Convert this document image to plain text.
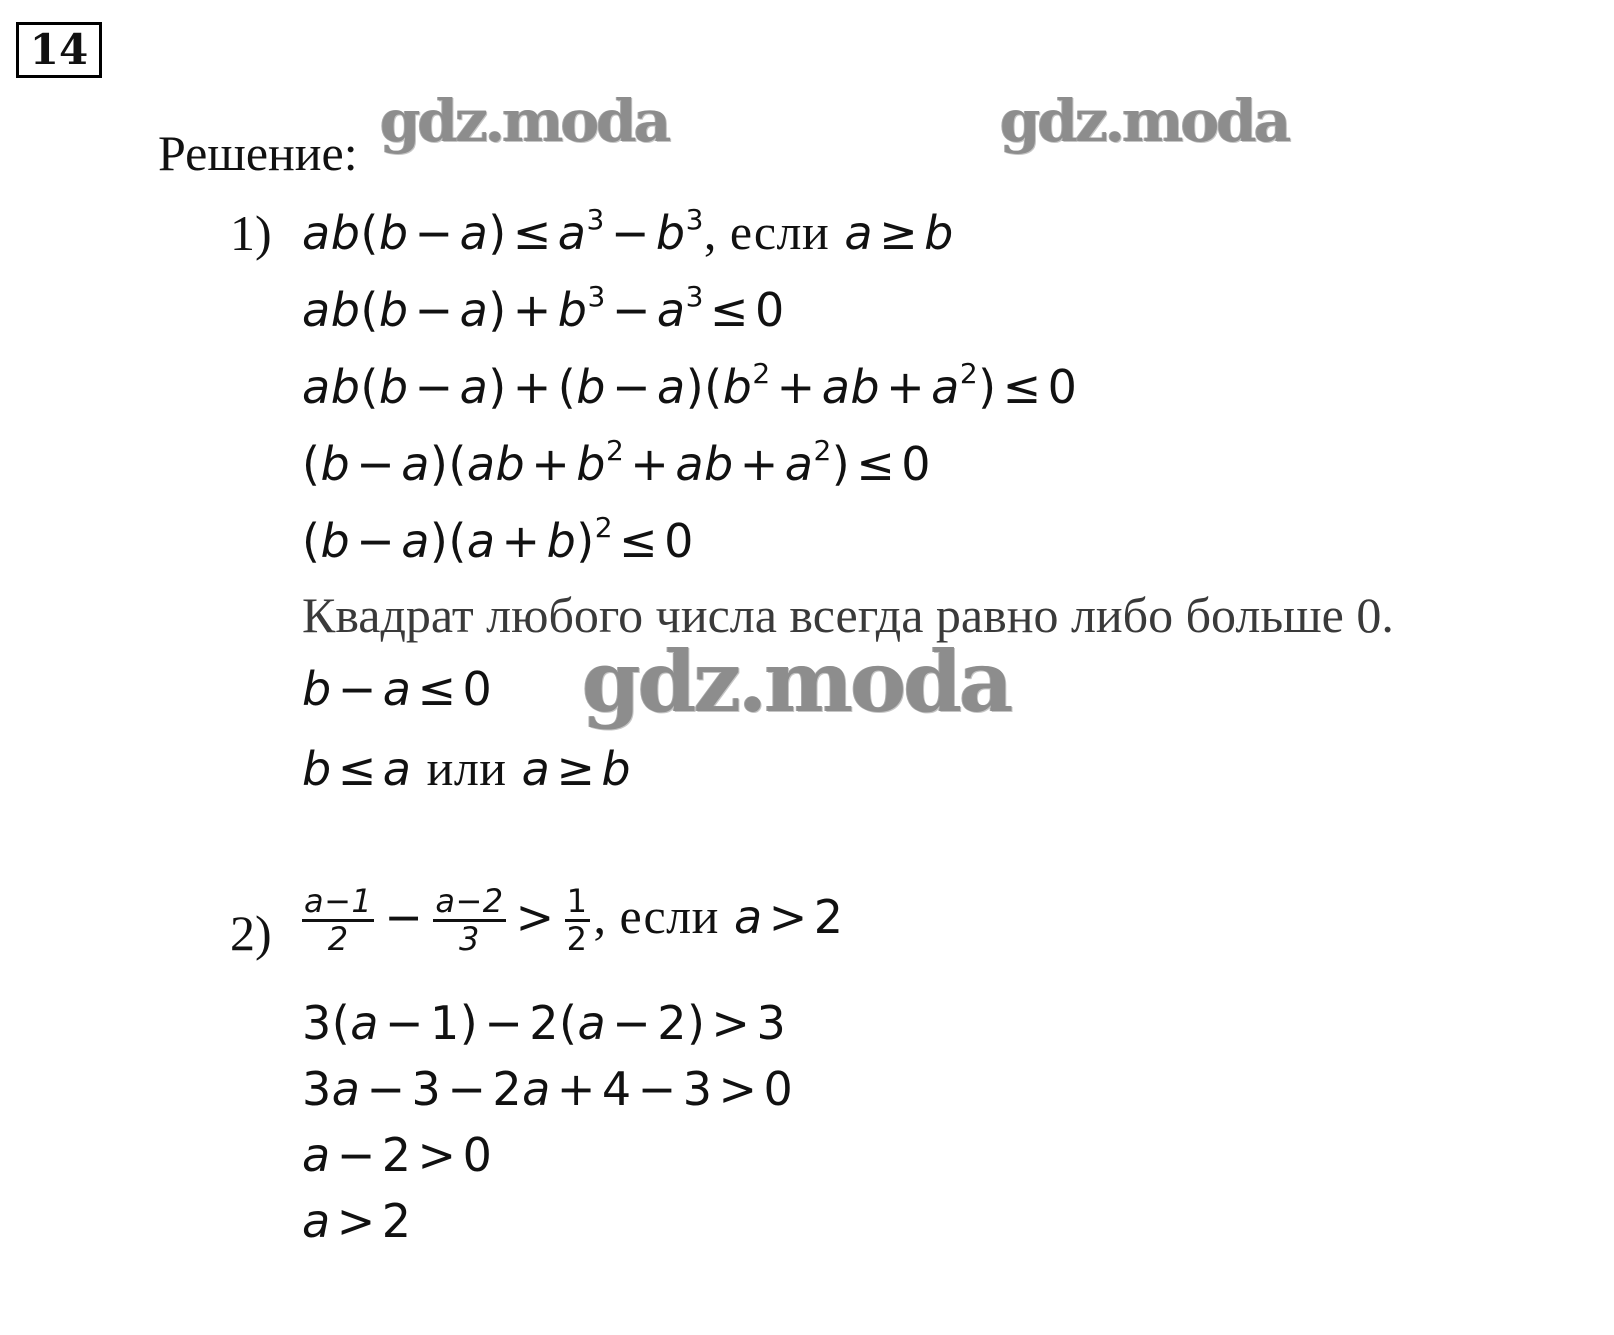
14
Решение: gdz.moda	gdz.moda
1) $ab(b - a) \le a^3 - b^3$, если a ≥ b
$ab(b - a) + b^3 - a^3 \le 0$
$ab(b - a) + (b - a)(b^2$ + ab + $a^2) \le 0$
$(b - a)(ab + b^2$ + ab + $a^2) \le 0$
$(b - a)(a + b)^2 \le 0$
Квадрат любого числа всегда равно либо больше 0.
b − a ≤ 0 gdz.moda
b ≤ a или a ≥ b
$2) \frac{a-1}{2} - \frac{a-2}{3} > \frac{1}{2}$ , если a > 2
3(a − 1) − 2(a − 2) > 3
3a − 3 − 2a + 4 − 3 > 0
a − 2 > 0
a > 2
